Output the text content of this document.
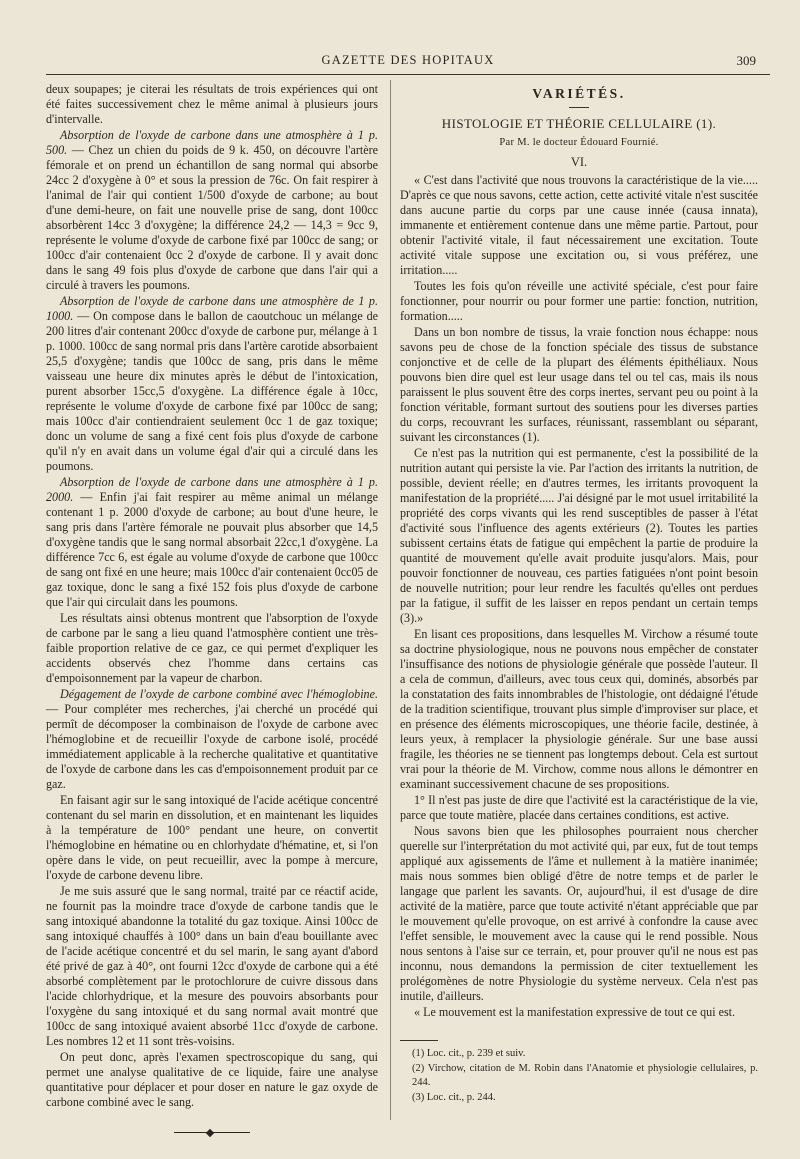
GAZETTE DES HOPITAUX	309

deux soupapes; je citerai les résultats de trois expériences qui ont été faites successivement chez le même animal à plusieurs jours d'intervalle.

Absorption de l'oxyde de carbone dans une atmosphère à 1 p. 500. — Chez un chien du poids de 9 k. 450, on découvre l'artère fémorale et on prend un échantillon de sang normal qui absorbe 24cc 2 d'oxygène à 0° et sous la pression de 76c. On fait respirer à l'animal de l'air qui contient 1/500 d'oxyde de carbone; au bout d'une demi-heure, on fait une nouvelle prise de sang, dont 100cc absorbèrent 14cc 3 d'oxygène; la différence 24,2 — 14,3 = 9cc 9, représente le volume d'oxyde de carbone fixé par 100cc de sang; or 100cc d'air contenaient 0cc 2 d'oxyde de carbone. Il y avait donc dans le sang 49 fois plus d'oxyde de carbone que dans l'air qui a circulé à travers les poumons.

Absorption de l'oxyde de carbone dans une atmosphère de 1 p. 1000. — On compose dans le ballon de caoutchouc un mélange de 200 litres d'air contenant 200cc d'oxyde de carbone pur, mélange à 1 p. 1000. 100cc de sang normal pris dans l'artère carotide absorbaient 25,5 d'oxygène; tandis que 100cc de sang, pris dans le même vaisseau une heure dix minutes après le début de l'intoxication, purent absorber 15cc,5 d'oxygène. La différence égale à 10cc, représente le volume d'oxyde de carbone fixé par 100cc de sang; mais 100cc d'air contiendraient seulement 0cc 1 de gaz toxique; donc un volume de sang a fixé cent fois plus d'oxyde de carbone qu'il n'y en avait dans un volume égal d'air qui a circulé dans les poumons.

Absorption de l'oxyde de carbone dans une atmosphère à 1 p. 2000. — Enfin j'ai fait respirer au même animal un mélange contenant 1 p. 2000 d'oxyde de carbone; au bout d'une heure, le sang pris dans l'artère fémorale ne pouvait plus absorber que 14,5 d'oxygène tandis que le sang normal absorbait 22cc,1 d'oxygène. La différence 7cc 6, est égale au volume d'oxyde de carbone que 100cc de sang ont fixé en une heure; mais 100cc d'air contenaient 0cc05 de gaz toxique, donc le sang a fixé 152 fois plus d'oxyde de carbone que l'air qui circulait dans les poumons.

Les résultats ainsi obtenus montrent que l'absorption de l'oxyde de carbone par le sang a lieu quand l'atmosphère contient une très-faible proportion relative de ce gaz, ce qui permet d'expliquer les accidents observés chez l'homme dans certains cas d'empoisonnement par la vapeur de charbon.

Dégagement de l'oxyde de carbone combiné avec l'hémoglobine. — Pour compléter mes recherches, j'ai cherché un procédé qui permît de décomposer la combinaison de l'oxyde de carbone avec l'hémoglobine et de recueillir l'oxyde de carbone isolé, procédé immédiatement applicable à la recherche qualitative et quantitative de l'oxyde de carbone dans les cas d'empoisonnement produit par ce gaz.

En faisant agir sur le sang intoxiqué de l'acide acétique concentré contenant du sel marin en dissolution, et en maintenant les liquides à la température de 100° pendant une heure, on convertit l'hémoglobine en hématine ou en chlorhydate d'hématine, et, si l'on opère dans le vide, on peut recueillir, avec la pompe à mercure, l'oxyde de carbone devenu libre.

Je me suis assuré que le sang normal, traité par ce réactif acide, ne fournit pas la moindre trace d'oxyde de carbone tandis que le sang intoxiqué abandonne la totalité du gaz toxique. Ainsi 100cc de sang intoxiqué chauffés à 100° dans un bain d'eau bouillante avec de l'acide acétique concentré et du sel marin, le sang ayant d'abord été privé de gaz à 40°, ont fourni 12cc d'oxyde de carbone qui a été absorbé complètement par le protochlorure de cuivre dissous dans l'acide chlorhydrique, et la mesure des pouvoirs absorbants pour l'oxygène du sang intoxiqué et du sang normal avait montré que 100cc de sang intoxiqué avaient absorbé 11cc d'oxyde de carbone. Les nombres 12 et 11 sont très-voisins.

On peut donc, après l'examen spectroscopique du sang, qui permet une analyse qualitative de ce liquide, faire une analyse quantitative pour déplacer et pour doser en nature le gaz oxyde de carbone combiné avec le sang.

VARIÉTÉS.
HISTOLOGIE ET THÉORIE CELLULAIRE (1).
Par M. le docteur Édouard Fournié.
VI.

« C'est dans l'activité que nous trouvons la caractéristique de la vie..... D'après ce que nous savons, cette action, cette activité vitale n'est suscitée dans aucune partie du corps par une cause innée (causa innata), immanente et entièrement contenue dans une même partie. Partout, pour obtenir l'activité vitale, il faut nécessairement une excitation. Toute activité vitale suppose une excitation ou, si vous préférez, une irritation.....

Toutes les fois qu'on réveille une activité spéciale, c'est pour faire fonctionner, pour nourrir ou pour former une partie: fonction, nutrition, formation.....

Dans un bon nombre de tissus, la vraie fonction nous échappe: nous savons peu de chose de la fonction spéciale des tissus de substance conjonctive et de celle de la plupart des éléments épithéliaux. Nous pouvons bien dire quel est leur usage dans tel ou tel cas, mais ils nous paraissent le plus souvent être des corps inertes, servant peu ou point à la fonction véritable, formant surtout des soutiens pour les diverses parties du corps, recouvrant les surfaces, réunissant, rassemblant ou séparant, suivant les circonstances (1).

Ce n'est pas la nutrition qui est permanente, c'est la possibilité de la nutrition autant qui persiste la vie. Par l'action des irritants la nutrition, de possible, devient réelle; en d'autres termes, les irritants provoquent la manifestation de la propriété..... J'ai désigné par le mot usuel irritabilité la propriété des corps vivants qui les rend susceptibles de passer à l'état d'activité sous l'influence des agents extérieurs (2). Toutes les parties subissent certains états de fatigue qui empêchent la partie de produire la quantité de mouvement qu'elle avait produite jusqu'alors. Mais, pour pouvoir fonctionner de nouveau, ces parties fatiguées n'ont point besoin de nouvelle nutrition; pour leur rendre les facultés qu'elles ont perdues par la fatigue, il suffit de les laisser en repos pendant un certain temps (3).»

En lisant ces propositions, dans lesquelles M. Virchow a résumé toute sa doctrine physiologique, nous ne pouvons nous empêcher de constater l'insuffisance des notions de physiologie générale que possède l'auteur. Il a cela de commun, d'ailleurs, avec tous ceux qui, dominés, absorbés par la constatation des faits innombrables de l'histologie, ont dédaigné l'étude de la tradition scientifique, trouvant plus simple d'improviser sur place, et en présence des éléments microscopiques, une théorie facile, destinée, à leurs yeux, à remplacer la physiologie générale. Sur une base aussi fragile, les théories ne se tiennent pas longtemps debout. Cela est surtout vrai pour la théorie de M. Virchow, comme nous allons le démontrer en examinant successivement chacune de ses propositions.

1° Il n'est pas juste de dire que l'activité est la caractéristique de la vie, parce que toute matière, placée dans certaines conditions, est active.

Nous savons bien que les philosophes pourraient nous chercher querelle sur l'interprétation du mot activité qui, par eux, fut de tout temps appliqué aux agissements de l'âme et nullement à la matière inanimée; mais nous sommes bien obligé d'être de notre temps et de parler le langage que parlent les savants. Or, aujourd'hui, il est d'usage de dire activité de la matière, parce que toute activité n'étant appréciable que par le mouvement qu'elle provoque, on est arrivé à confondre la cause avec l'effet sensible, le mouvement avec la cause qui le rend possible. Nous nous sentons à l'aise sur ce terrain, et, pour prouver qu'il ne nous est pas inconnu, nous demandons la permission de citer textuellement les prolégomènes de notre Physiologie du système nerveux. Cela n'est pas inutile, d'ailleurs.

« Le mouvement est la manifestation expressive de tout ce qui est.

(1) Loc. cit., p. 239 et suiv.

(2) Virchow, citation de M. Robin dans l'Anatomie et physiologie cellulaires, p. 244.

(3) Loc. cit., p. 244.
